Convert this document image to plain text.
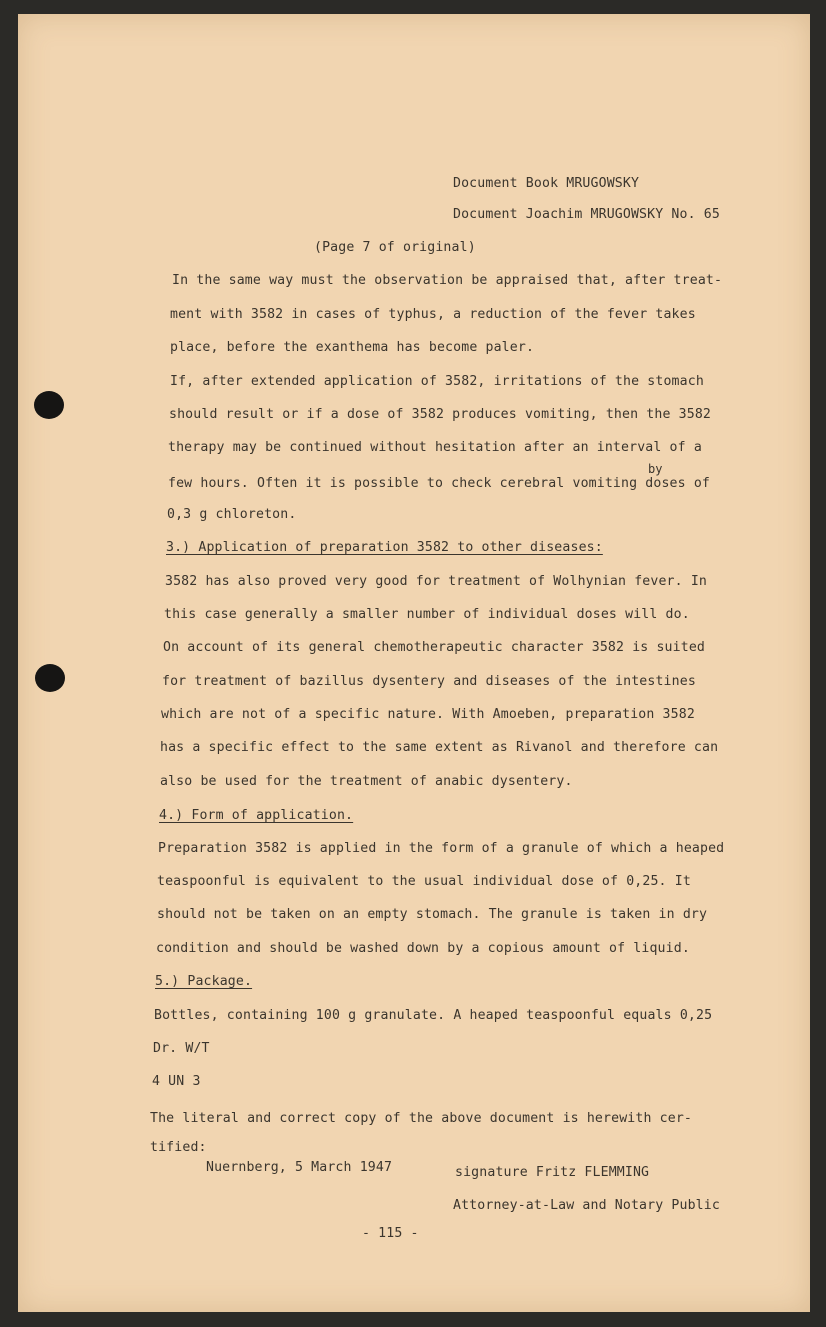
Document Book MRUGOWSKY

Document Joachim MRUGOWSKY No. 65

(Page 7 of original)

In the same way must the observation be appraised that, after treat-

ment with 3582 in cases of typhus, a reduction of the fever takes

place, before the exanthema has become paler.

If, after extended application of 3582, irritations of the stomach

should result or if a dose of 3582 produces vomiting, then the 3582

therapy may be continued without hesitation after an interval of a

by

few hours. Often it is possible to check cerebral vomiting doses of

0,3 g chloreton.

3.) Application of preparation 3582 to other diseases:

3582 has also proved very good for treatment of Wolhynian fever. In

this case generally a smaller number of individual doses will do.

On account of its general chemotherapeutic character 3582 is suited

for treatment of bazillus dysentery and diseases of the intestines

which are not of a specific nature. With Amoeben, preparation 3582

has a specific effect to the same extent as Rivanol and therefore can

also be used for the treatment of anabic dysentery.

4.) Form of application.

Preparation 3582 is applied in the form of a granule of which a heaped

teaspoonful is equivalent to the usual individual dose of 0,25. It

should not be taken on an empty stomach. The granule is taken in dry

condition and should be washed down by a copious amount of liquid.

5.) Package.

Bottles, containing 100 g granulate. A heaped teaspoonful equals 0,25

Dr. W/T

4 UN 3

The literal and correct copy of the above document is herewith cer-

tified:

Nuernberg, 5 March 1947	signature Fritz FLEMMING

Attorney-at-Law and Notary Public

- 115 -
